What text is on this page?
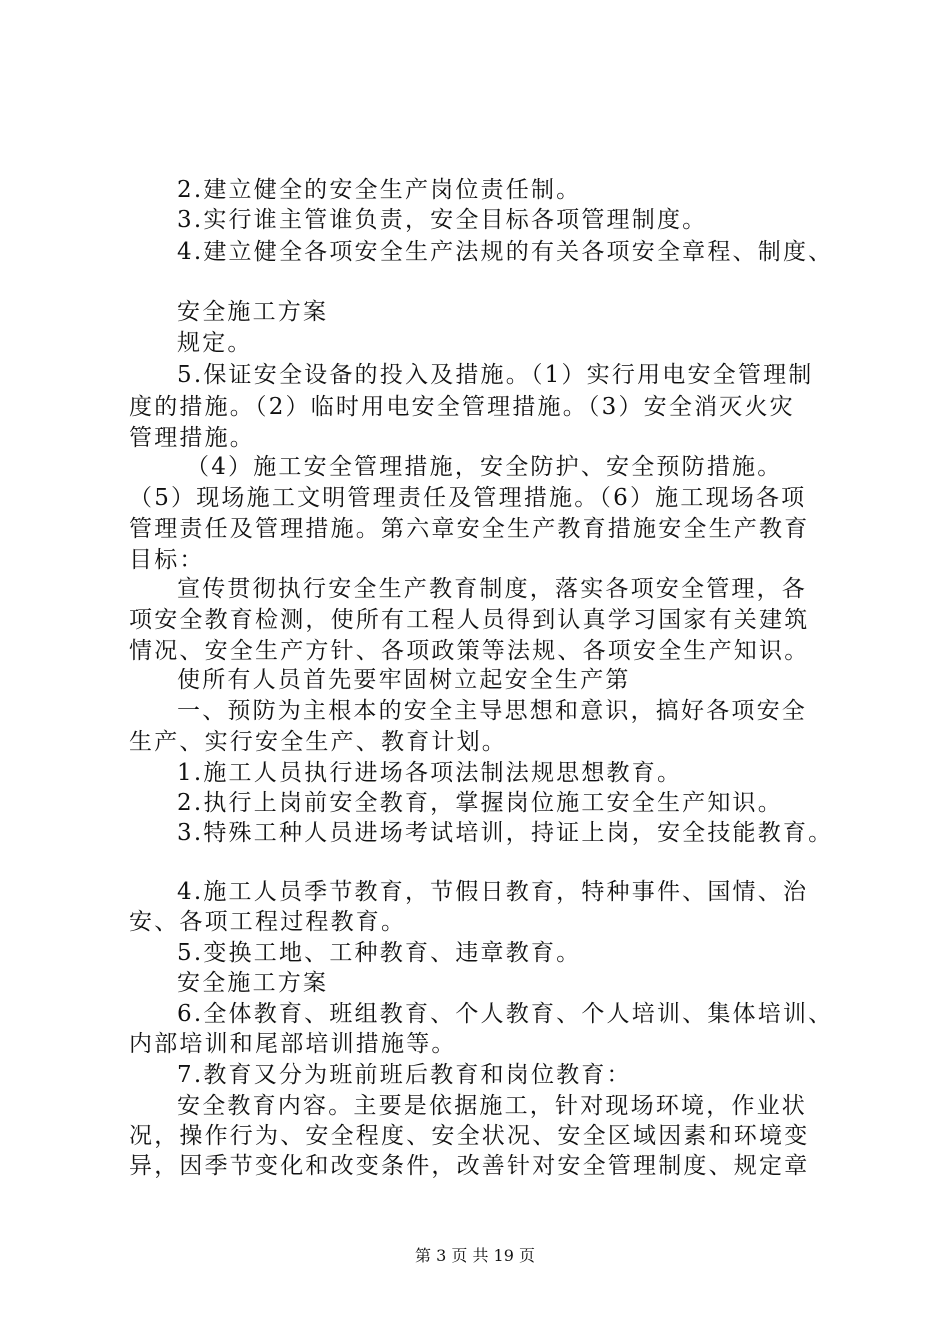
2.建立健全的安全生产岗位责任制。
3.实行谁主管谁负责，安全目标各项管理制度。
4.建立健全各项安全生产法规的有关各项安全章程、制度、
安全施工方案
规定。
5.保证安全设备的投入及措施。（1）实行用电安全管理制
度的措施。（2）临时用电安全管理措施。（3）安全消灭火灾
管理措施。
（4）施工安全管理措施，安全防护、安全预防措施。
（5）现场施工文明管理责任及管理措施。（6）施工现场各项
管理责任及管理措施。第六章安全生产教育措施安全生产教育
目标：
宣传贯彻执行安全生产教育制度，落实各项安全管理，各
项安全教育检测，使所有工程人员得到认真学习国家有关建筑
情况、安全生产方针、各项政策等法规、各项安全生产知识。
使所有人员首先要牢固树立起安全生产第
一、预防为主根本的安全主导思想和意识，搞好各项安全
生产、实行安全生产、教育计划。
1.施工人员执行进场各项法制法规思想教育。
2.执行上岗前安全教育，掌握岗位施工安全生产知识。
3.特殊工种人员进场考试培训，持证上岗，安全技能教育。
4.施工人员季节教育，节假日教育，特种事件、国情、治
安、各项工程过程教育。
5.变换工地、工种教育、违章教育。
安全施工方案
6.全体教育、班组教育、个人教育、个人培训、集体培训、
内部培训和尾部培训措施等。
7.教育又分为班前班后教育和岗位教育：
安全教育内容。主要是依据施工，针对现场环境，作业状
况，操作行为、安全程度、安全状况、安全区域因素和环境变
异，因季节变化和改变条件，改善针对安全管理制度、规定章
第 3 页 共 19 页
